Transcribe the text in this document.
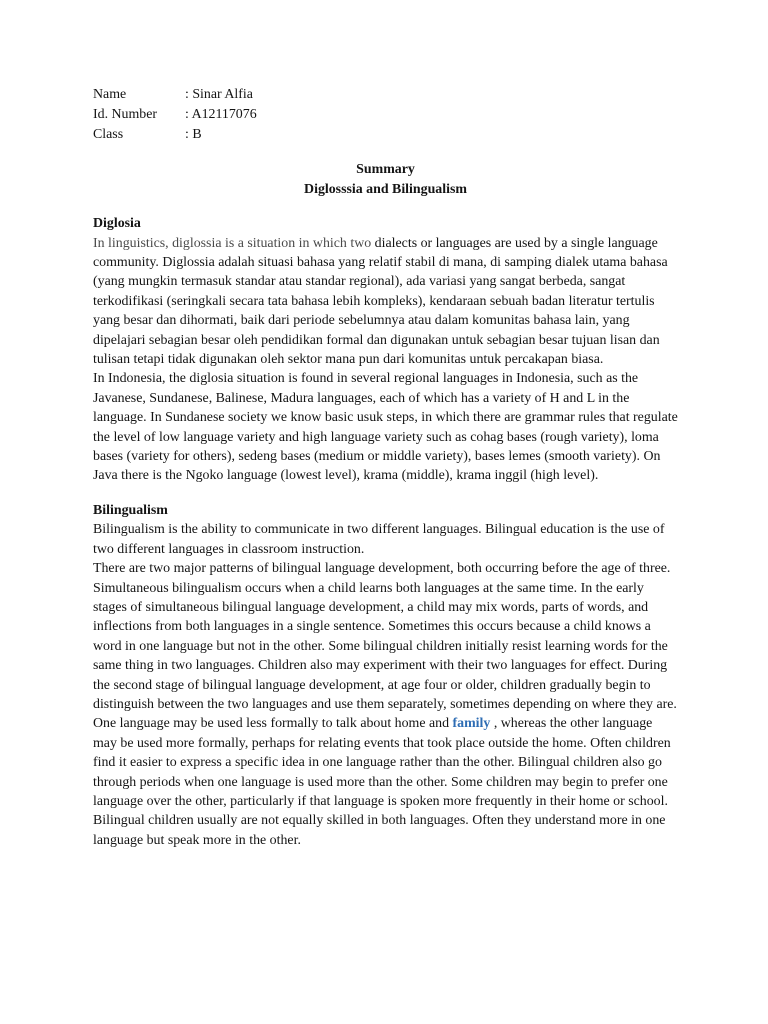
Name	: Sinar Alfia
Id. Number	: A12117076
Class	: B
Summary
Diglosssia and Bilingualism
Diglosia

In linguistics, diglossia is a situation in which two dialects or languages are used by a single language community. Diglossia adalah situasi bahasa yang relatif stabil di mana, di samping dialek utama bahasa (yang mungkin termasuk standar atau standar regional), ada variasi yang sangat berbeda, sangat terkodifikasi (seringkali secara tata bahasa lebih kompleks), kendaraan sebuah badan literatur tertulis yang besar dan dihormati, baik dari periode sebelumnya atau dalam komunitas bahasa lain, yang dipelajari sebagian besar oleh pendidikan formal dan digunakan untuk sebagian besar tujuan lisan dan tulisan tetapi tidak digunakan oleh sektor mana pun dari komunitas untuk percakapan biasa.

In Indonesia, the diglosia situation is found in several regional languages in Indonesia, such as the Javanese, Sundanese, Balinese, Madura languages, each of which has a variety of H and L in the language. In Sundanese society we know basic usuk steps, in which there are grammar rules that regulate the level of low language variety and high language variety such as cohag bases (rough variety), loma bases (variety for others), sedeng bases (medium or middle variety), bases lemes (smooth variety). On Java there is the Ngoko language (lowest level), krama (middle), krama inggil (high level).

Bilingualism

Bilingualism is the ability to communicate in two different languages. Bilingual education is the use of two different languages in classroom instruction.

There are two major patterns of bilingual language development, both occurring before the age of three. Simultaneous bilingualism occurs when a child learns both languages at the same time. In the early stages of simultaneous bilingual language development, a child may mix words, parts of words, and inflections from both languages in a single sentence. Sometimes this occurs because a child knows a word in one language but not in the other. Some bilingual children initially resist learning words for the same thing in two languages. Children also may experiment with their two languages for effect. During the second stage of bilingual language development, at age four or older, children gradually begin to distinguish between the two languages and use them separately, sometimes depending on where they are. One language may be used less formally to talk about home and family , whereas the other language may be used more formally, perhaps for relating events that took place outside the home. Often children find it easier to express a specific idea in one language rather than the other. Bilingual children also go through periods when one language is used more than the other. Some children may begin to prefer one language over the other, particularly if that language is spoken more frequently in their home or school. Bilingual children usually are not equally skilled in both languages. Often they understand more in one language but speak more in the other.
